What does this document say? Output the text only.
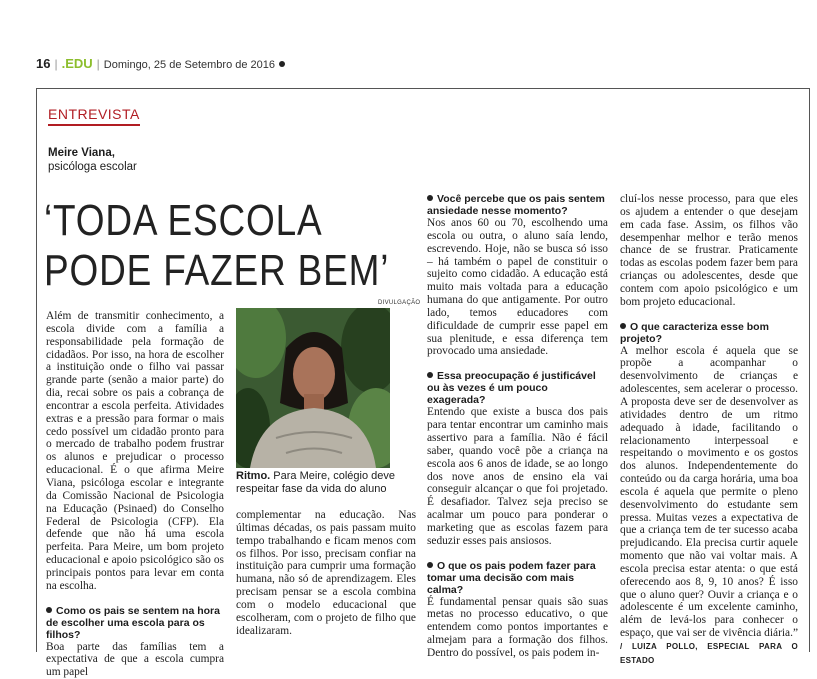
16 | .EDU | Domingo, 25 de Setembro de 2016
ENTREVISTA
Meire Viana,
psicóloga escolar
‘TODA ESCOLA
PODE FAZER BEM’

Além de transmitir conhecimento, a escola divide com a família a responsabilidade pela formação de cidadãos. Por isso, na hora de escolher a instituição onde o filho vai passar grande parte (senão a maior parte) do dia, recai sobre os pais a cobrança de encontrar a escola perfeita. Atividades extras e a pressão para formar o mais cedo possível um cidadão pronto para o mercado de trabalho podem frustrar os alunos e prejudicar o processo educacional. É o que afirma Meire Viana, psicóloga escolar e integrante da Comissão Nacional de Psicologia na Educação (Psinaed) do Conselho Federal de Psicologia (CFP). Ela defende que não há uma escola perfeita. Para Meire, um bom projeto educacional e apoio psicológico são os principais pontos para levar em conta na escolha.

Como os pais se sentem na hora de escolher uma escola para os filhos?

Boa parte das famílias tem a expectativa de que a escola cumpra um papel

DIVULGAÇÃO
Ritmo. Para Meire, colégio deve respeitar fase da vida do aluno

complementar na educação. Nas últimas décadas, os pais passam muito tempo trabalhando e ficam menos com os filhos. Por isso, precisam confiar na instituição para cumprir uma formação humana, não só de aprendizagem. Eles precisam pensar se a escola combina com o modelo educacional que escolheram, com o projeto de filho que idealizaram.

Você percebe que os pais sentem ansiedade nesse momento?

Nos anos 60 ou 70, escolhendo uma escola ou outra, o aluno saía lendo, escrevendo. Hoje, não se busca só isso – há também o papel de constituir o sujeito como cidadão. A educação está muito mais voltada para a educação humana do que antigamente. Por outro lado, temos educadores com dificuldade de cumprir esse papel em sua plenitude, e essa diferença tem provocado uma ansiedade.

Essa preocupação é justificável ou às vezes é um pouco exagerada?

Entendo que existe a busca dos pais para tentar encontrar um caminho mais assertivo para a família. Não é fácil saber, quando você põe a criança na escola aos 6 anos de idade, se ao longo dos nove anos de ensino ela vai conseguir alcançar o que foi projetado. É desafiador. Talvez seja preciso se acalmar um pouco para ponderar o marketing que as escolas fazem para seduzir esses pais ansiosos.

O que os pais podem fazer para tomar uma decisão com mais calma?

É fundamental pensar quais são suas metas no processo educativo, o que entendem como pontos importantes e almejam para a formação dos filhos. Dentro do possível, os pais podem in-

cluí-los nesse processo, para que eles os ajudem a entender o que desejam em cada fase. Assim, os filhos vão desempenhar melhor e terão menos chance de se frustrar. Praticamente todas as escolas podem fazer bem para crianças ou adolescentes, desde que contem com apoio psicológico e um bom projeto educacional.

O que caracteriza esse bom projeto?

A melhor escola é aquela que se propõe a acompanhar o desenvolvimento de crianças e adolescentes, sem acelerar o processo. A proposta deve ser de desenvolver as atividades dentro de um ritmo adequado à idade, facilitando o relacionamento interpessoal e respeitando o movimento e os gostos dos alunos. Independentemente do conteúdo ou da carga horária, uma boa escola é aquela que permite o pleno desenvolvimento do estudante sem pressa. Muitas vezes a expectativa de que a criança tem de ter sucesso acaba prejudicando. Ela precisa curtir aquele momento que não vai voltar mais. A escola precisa estar atenta: o que está oferecendo aos 8, 9, 10 anos? É isso que o aluno quer? Ouvir a criança e o adolescente é um excelente caminho, além de levá-los para conhecer o espaço, que vai ser de vivência diária.” / LUIZA POLLO, ESPECIAL PARA O ESTADO
